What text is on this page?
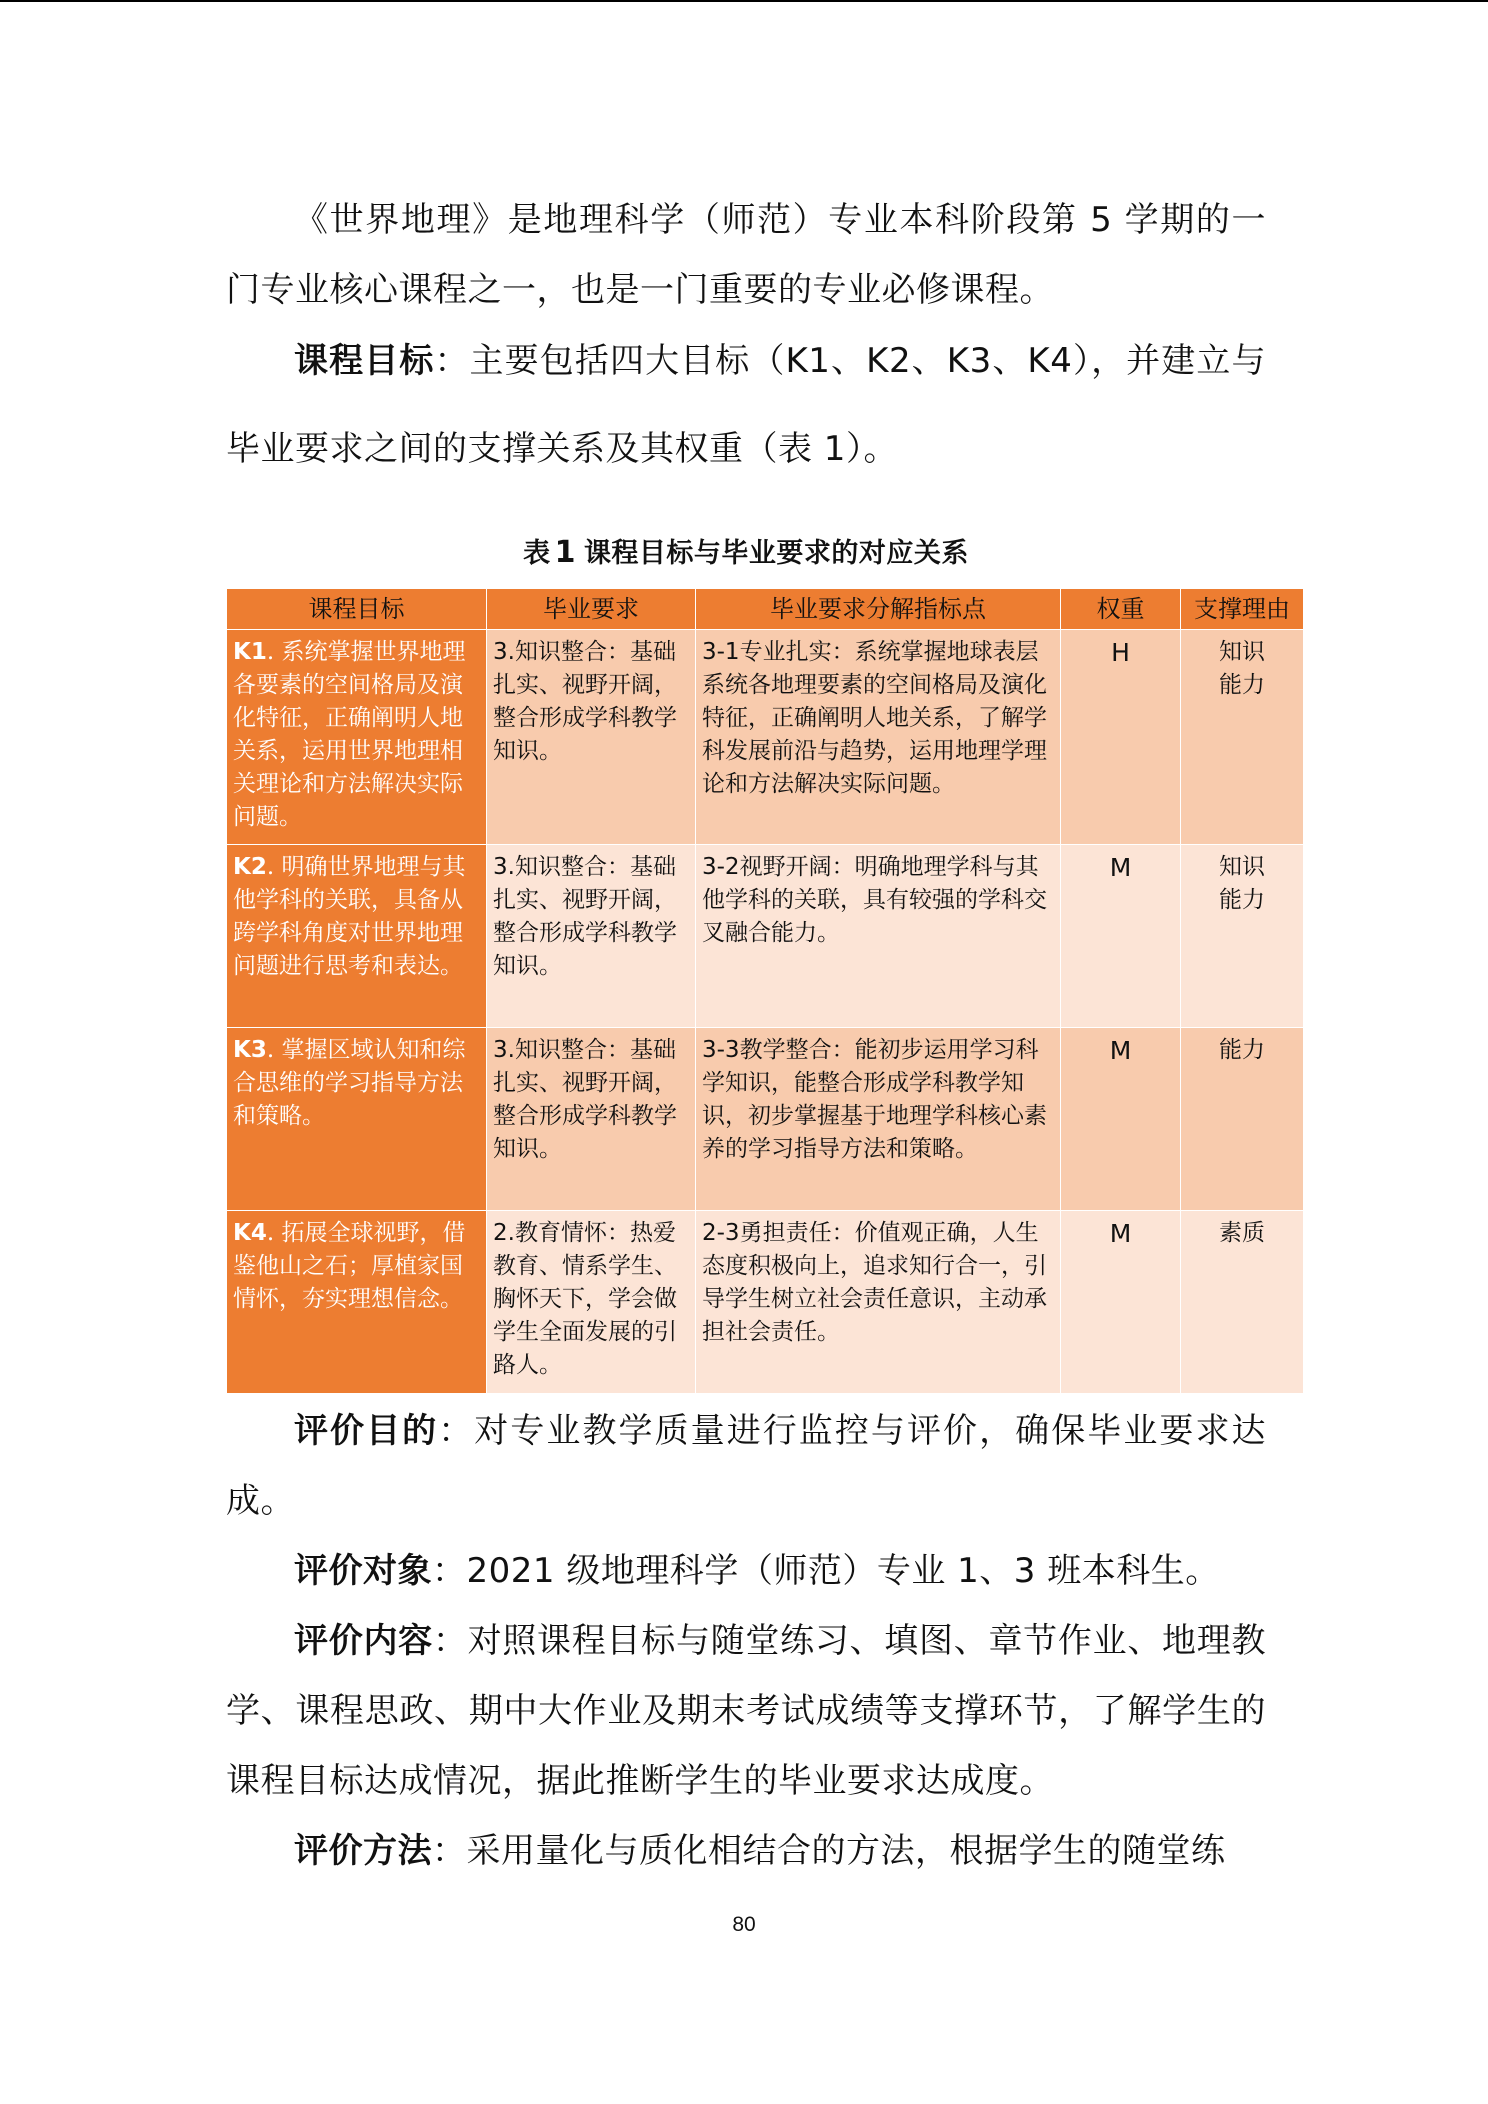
《世界地理》是地理科学（师范）专业本科阶段第 5 学期的一门专业核心课程之一，也是一门重要的专业必修课程。

课程目标：主要包括四大目标（K1、K2、K3、K4），并建立与毕业要求之间的支撑关系及其权重（表 1）。

表 1 课程目标与毕业要求的对应关系
课程目标	毕业要求	毕业要求分解指标点	权重	支撑理由
K1. 系统掌握世界地理各要素的空间格局及演化特征，正确阐明人地关系，运用世界地理相关理论和方法解决实际问题。	3.知识整合：基础扎实、视野开阔，整合形成学科教学知识。	3-1专业扎实：系统掌握地球表层系统各地理要素的空间格局及演化特征，正确阐明人地关系，了解学科发展前沿与趋势，运用地理学理论和方法解决实际问题。	H	知识
能力
K2. 明确世界地理与其他学科的关联，具备从跨学科角度对世界地理问题进行思考和表达。	3.知识整合：基础扎实、视野开阔，整合形成学科教学知识。	3-2视野开阔：明确地理学科与其他学科的关联，具有较强的学科交叉融合能力。	M	知识
能力
K3. 掌握区域认知和综合思维的学习指导方法和策略。	3.知识整合：基础扎实、视野开阔，整合形成学科教学知识。	3-3教学整合：能初步运用学习科学知识，能整合形成学科教学知识，初步掌握基于地理学科核心素养的学习指导方法和策略。	M	能力
K4. 拓展全球视野，借鉴他山之石；厚植家国情怀，夯实理想信念。	2.教育情怀：热爱教育、情系学生、胸怀天下，学会做学生全面发展的引路人。	2-3勇担责任：价值观正确，人生态度积极向上，追求知行合一，引导学生树立社会责任意识，主动承担社会责任。	M	素质

评价目的：对专业教学质量进行监控与评价，确保毕业要求达成。

评价对象：2021 级地理科学（师范）专业 1、3 班本科生。

评价内容：对照课程目标与随堂练习、填图、章节作业、地理教学、课程思政、期中大作业及期末考试成绩等支撑环节，了解学生的课程目标达成情况，据此推断学生的毕业要求达成度。

评价方法：采用量化与质化相结合的方法，根据学生的随堂练

80
